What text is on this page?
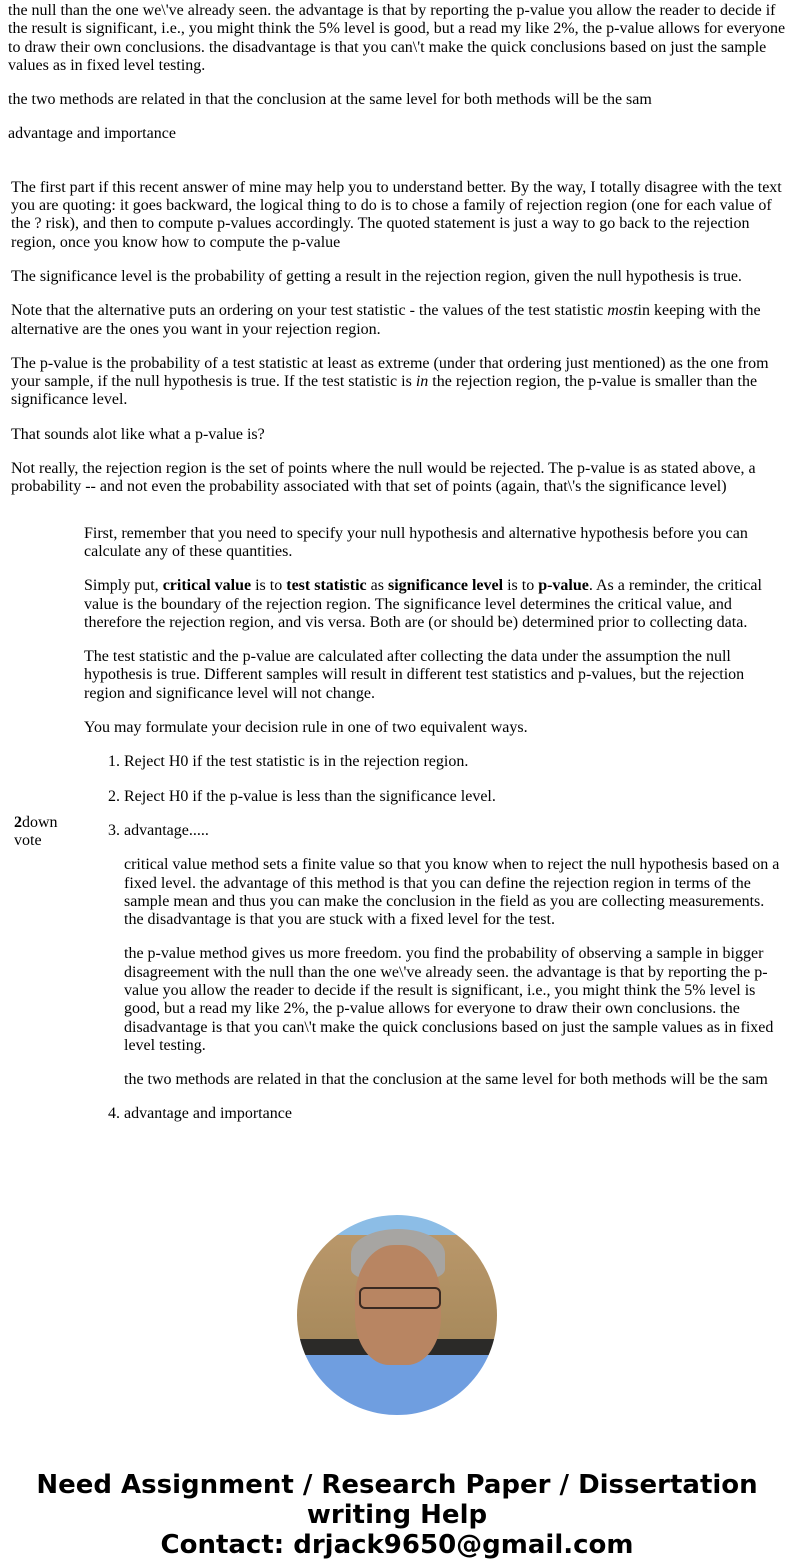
the null than the one we\'ve already seen. the advantage is that by reporting the p-value you allow the reader to decide if the result is significant, i.e., you might think the 5% level is good, but a read my like 2%, the p-value allows for everyone to draw their own conclusions. the disadvantage is that you can\'t make the quick conclusions based on just the sample values as in fixed level testing.

the two methods are related in that the conclusion at the same level for both methods will be the sam

advantage and importance

The first part if this recent answer of mine may help you to understand better. By the way, I totally disagree with the text you are quoting: it goes backward, the logical thing to do is to chose a family of rejection region (one for each value of the ? risk), and then to compute p-values accordingly. The quoted statement is just a way to go back to the rejection region, once you know how to compute the p-value

The significance level is the probability of getting a result in the rejection region, given the null hypothesis is true.

Note that the alternative puts an ordering on your test statistic - the values of the test statistic mostin keeping with the alternative are the ones you want in your rejection region.

The p-value is the probability of a test statistic at least as extreme (under that ordering just mentioned) as the one from your sample, if the null hypothesis is true. If the test statistic is in the rejection region, the p-value is smaller than the significance level.

That sounds alot like what a p-value is?

Not really, the rejection region is the set of points where the null would be rejected. The p-value is as stated above, a probability -- and not even the probability associated with that set of points (again, that\'s the significance level)

2down vote	

First, remember that you need to specify your null hypothesis and alternative hypothesis before you can calculate any of these quantities.

Simply put, critical value is to test statistic as significance level is to p-value. As a reminder, the critical value is the boundary of the rejection region. The significance level determines the critical value, and therefore the rejection region, and vis versa. Both are (or should be) determined prior to collecting data.

The test statistic and the p-value are calculated after collecting the data under the assumption the null hypothesis is true. Different samples will result in different test statistics and p-values, but the rejection region and significance level will not change.

You may formulate your decision rule in one of two equivalent ways.

1. Reject H0 if the test statistic is in the rejection region.
2. Reject H0 if the p-value is less than the significance level.
3. advantage.....

critical value method sets a finite value so that you know when to reject the null hypothesis based on a fixed level. the advantage of this method is that you can define the rejection region in terms of the sample mean and thus you can make the conclusion in the field as you are collecting measurements. the disadvantage is that you are stuck with a fixed level for the test.

the p-value method gives us more freedom. you find the probability of observing a sample in bigger disagreement with the null than the one we\'ve already seen. the advantage is that by reporting the p-value you allow the reader to decide if the result is significant, i.e., you might think the 5% level is good, but a read my like 2%, the p-value allows for everyone to draw their own conclusions. the disadvantage is that you can\'t make the quick conclusions based on just the sample values as in fixed level testing.

the two methods are related in that the conclusion at the same level for both methods will be the sam

4. advantage and importance
Need Assignment / Research Paper / Dissertation writing Help
Contact: drjack9650@gmail.com
